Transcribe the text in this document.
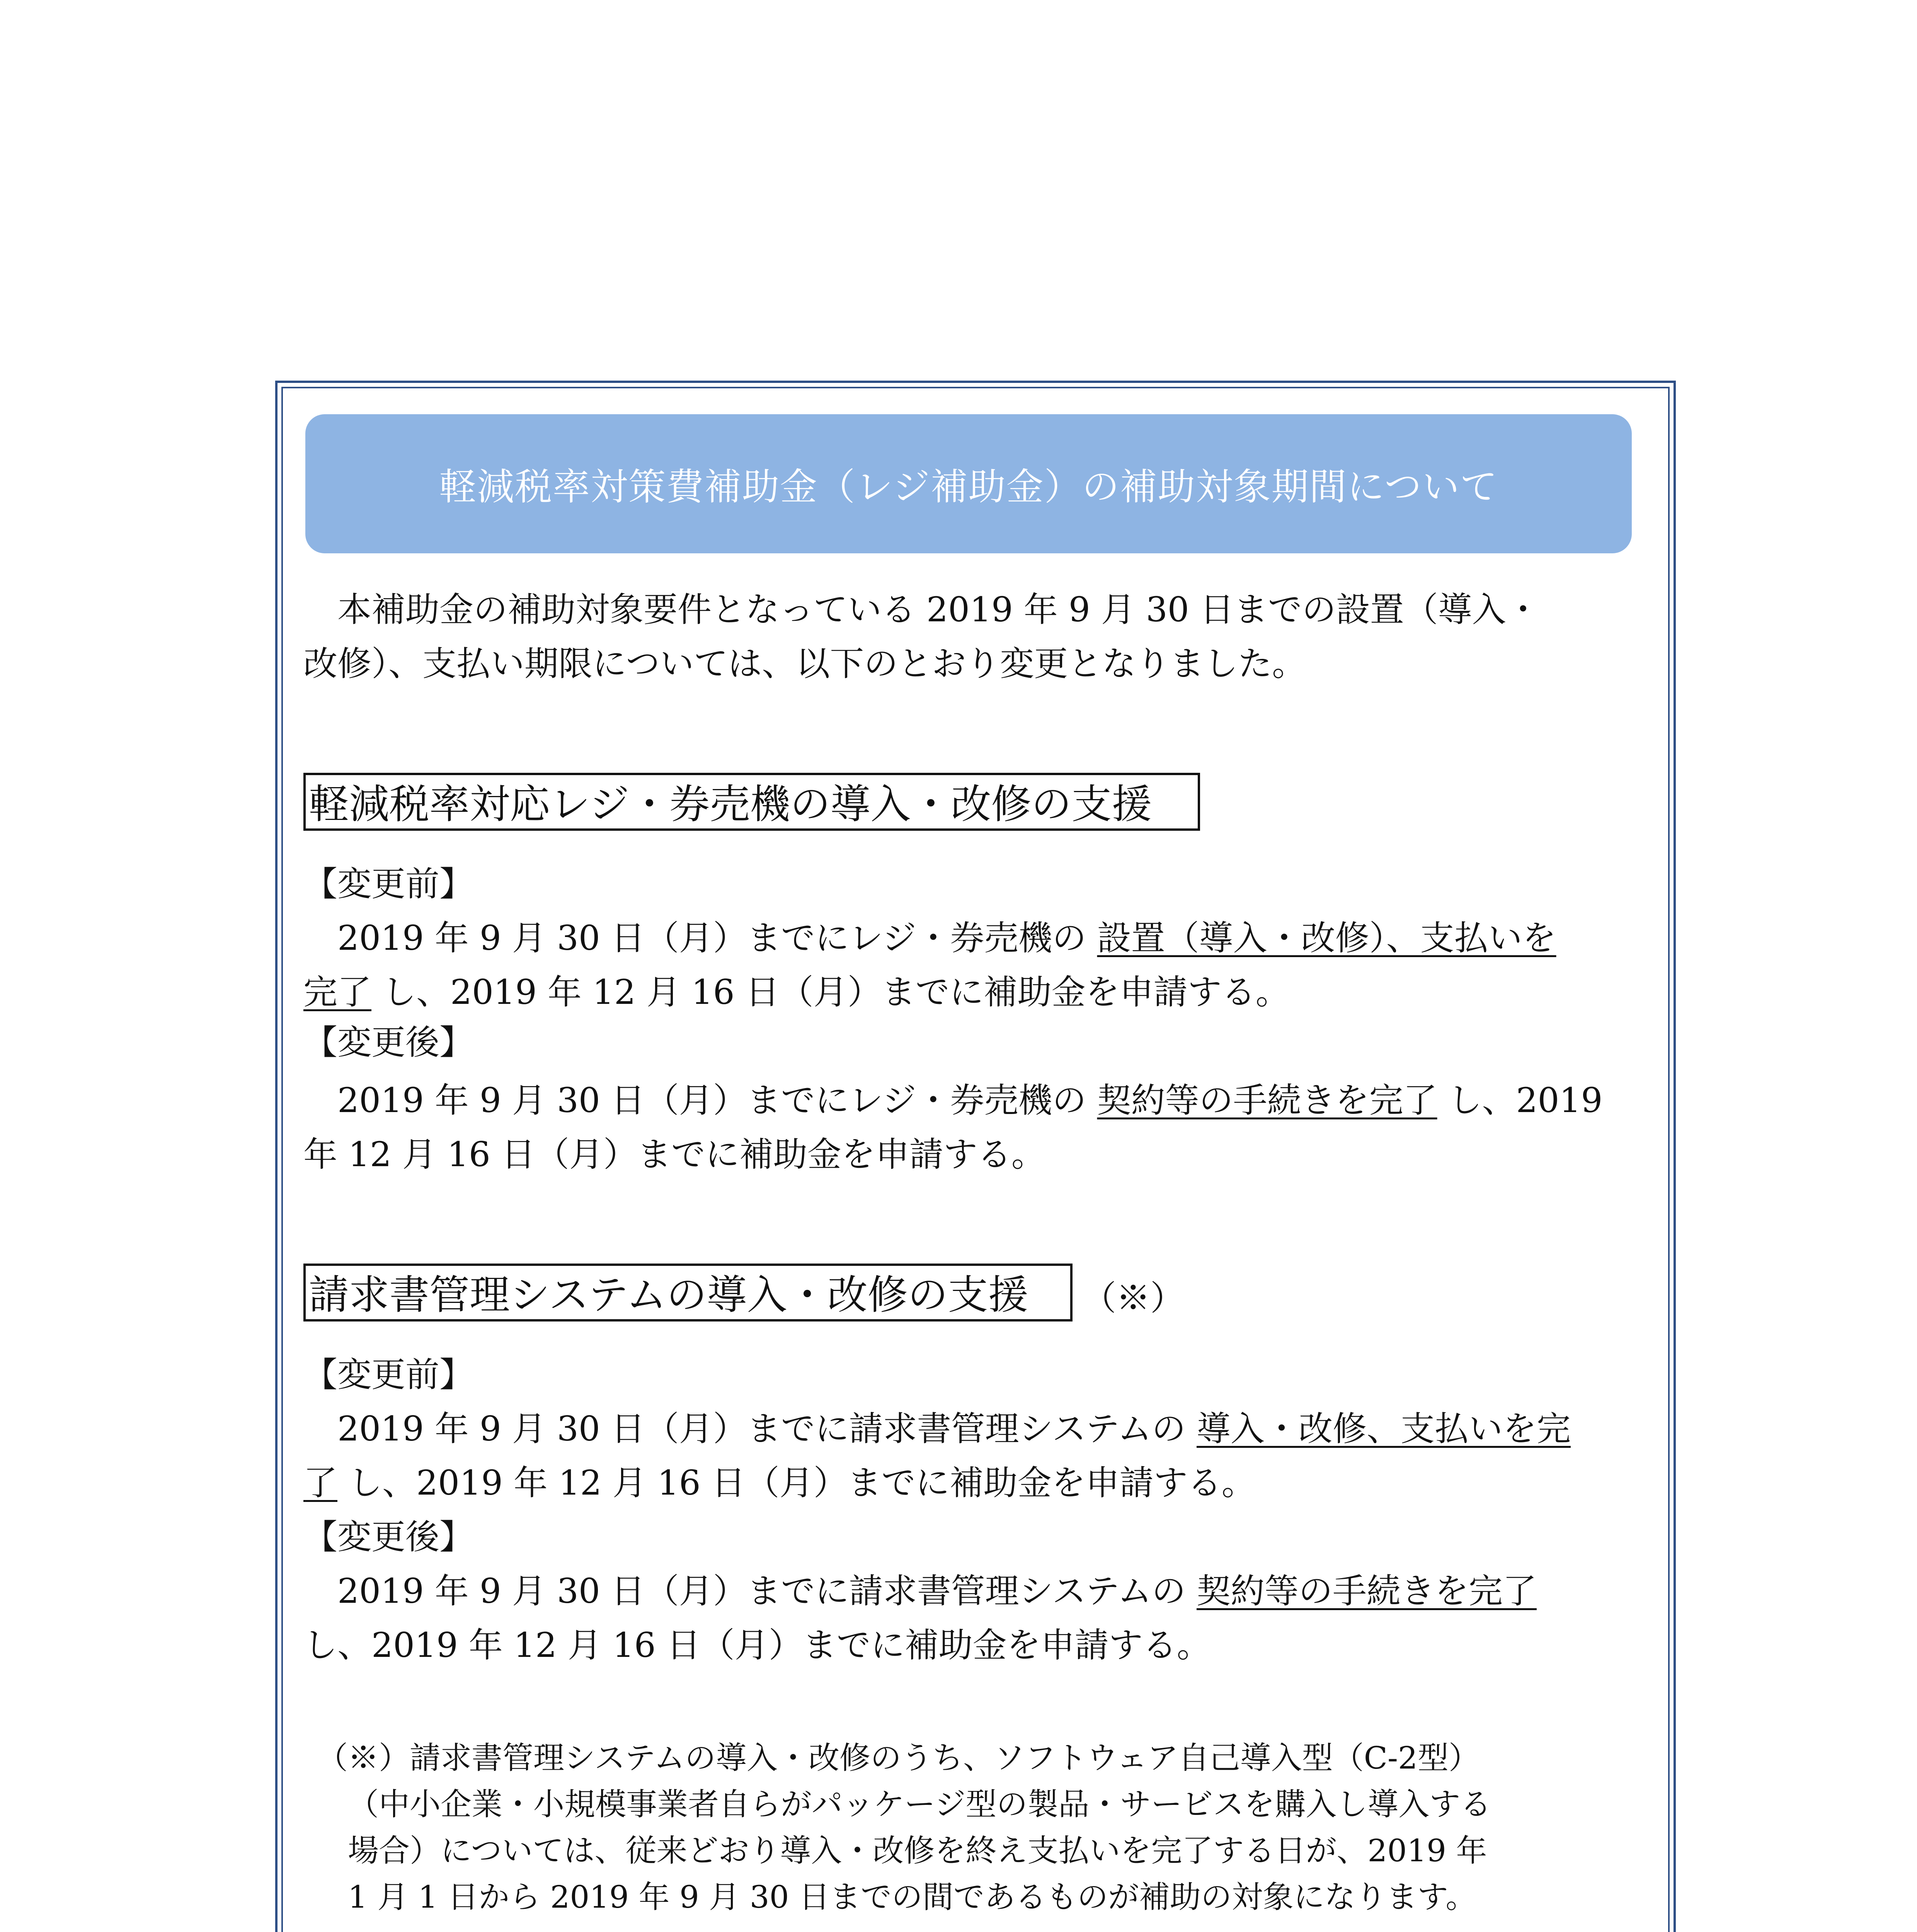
軽減税率対策費補助金（レジ補助金）の補助対象期間について
　本補助金の補助対象要件となっている 2019 年 9 月 30 日までの設置（導入・
改修）、支払い期限については、以下のとおり変更となりました。
軽減税率対応レジ・券売機の導入・改修の支援
【変更前】
　2019 年 9 月 30 日（月）までにレジ・券売機の 設置（導入・改修）、支払いを
完了 し、2019 年 12 月 16 日（月）までに補助金を申請する。
【変更後】
　2019 年 9 月 30 日（月）までにレジ・券売機の 契約等の手続きを完了 し、2019
年 12 月 16 日（月）までに補助金を申請する。
請求書管理システムの導入・改修の支援	（※）
【変更前】
　2019 年 9 月 30 日（月）までに請求書管理システムの 導入・改修、支払いを完
了 し、2019 年 12 月 16 日（月）までに補助金を申請する。
【変更後】
　2019 年 9 月 30 日（月）までに請求書管理システムの 契約等の手続きを完了
し、2019 年 12 月 16 日（月）までに補助金を申請する。
（※）請求書管理システムの導入・改修のうち、ソフトウェア自己導入型（C-2型）
（中小企業・小規模事業者自らがパッケージ型の製品・サービスを購入し導入する
場合）については、従来どおり導入・改修を終え支払いを完了する日が、2019 年
1 月 1 日から 2019 年 9 月 30 日までの間であるものが補助の対象になります。
